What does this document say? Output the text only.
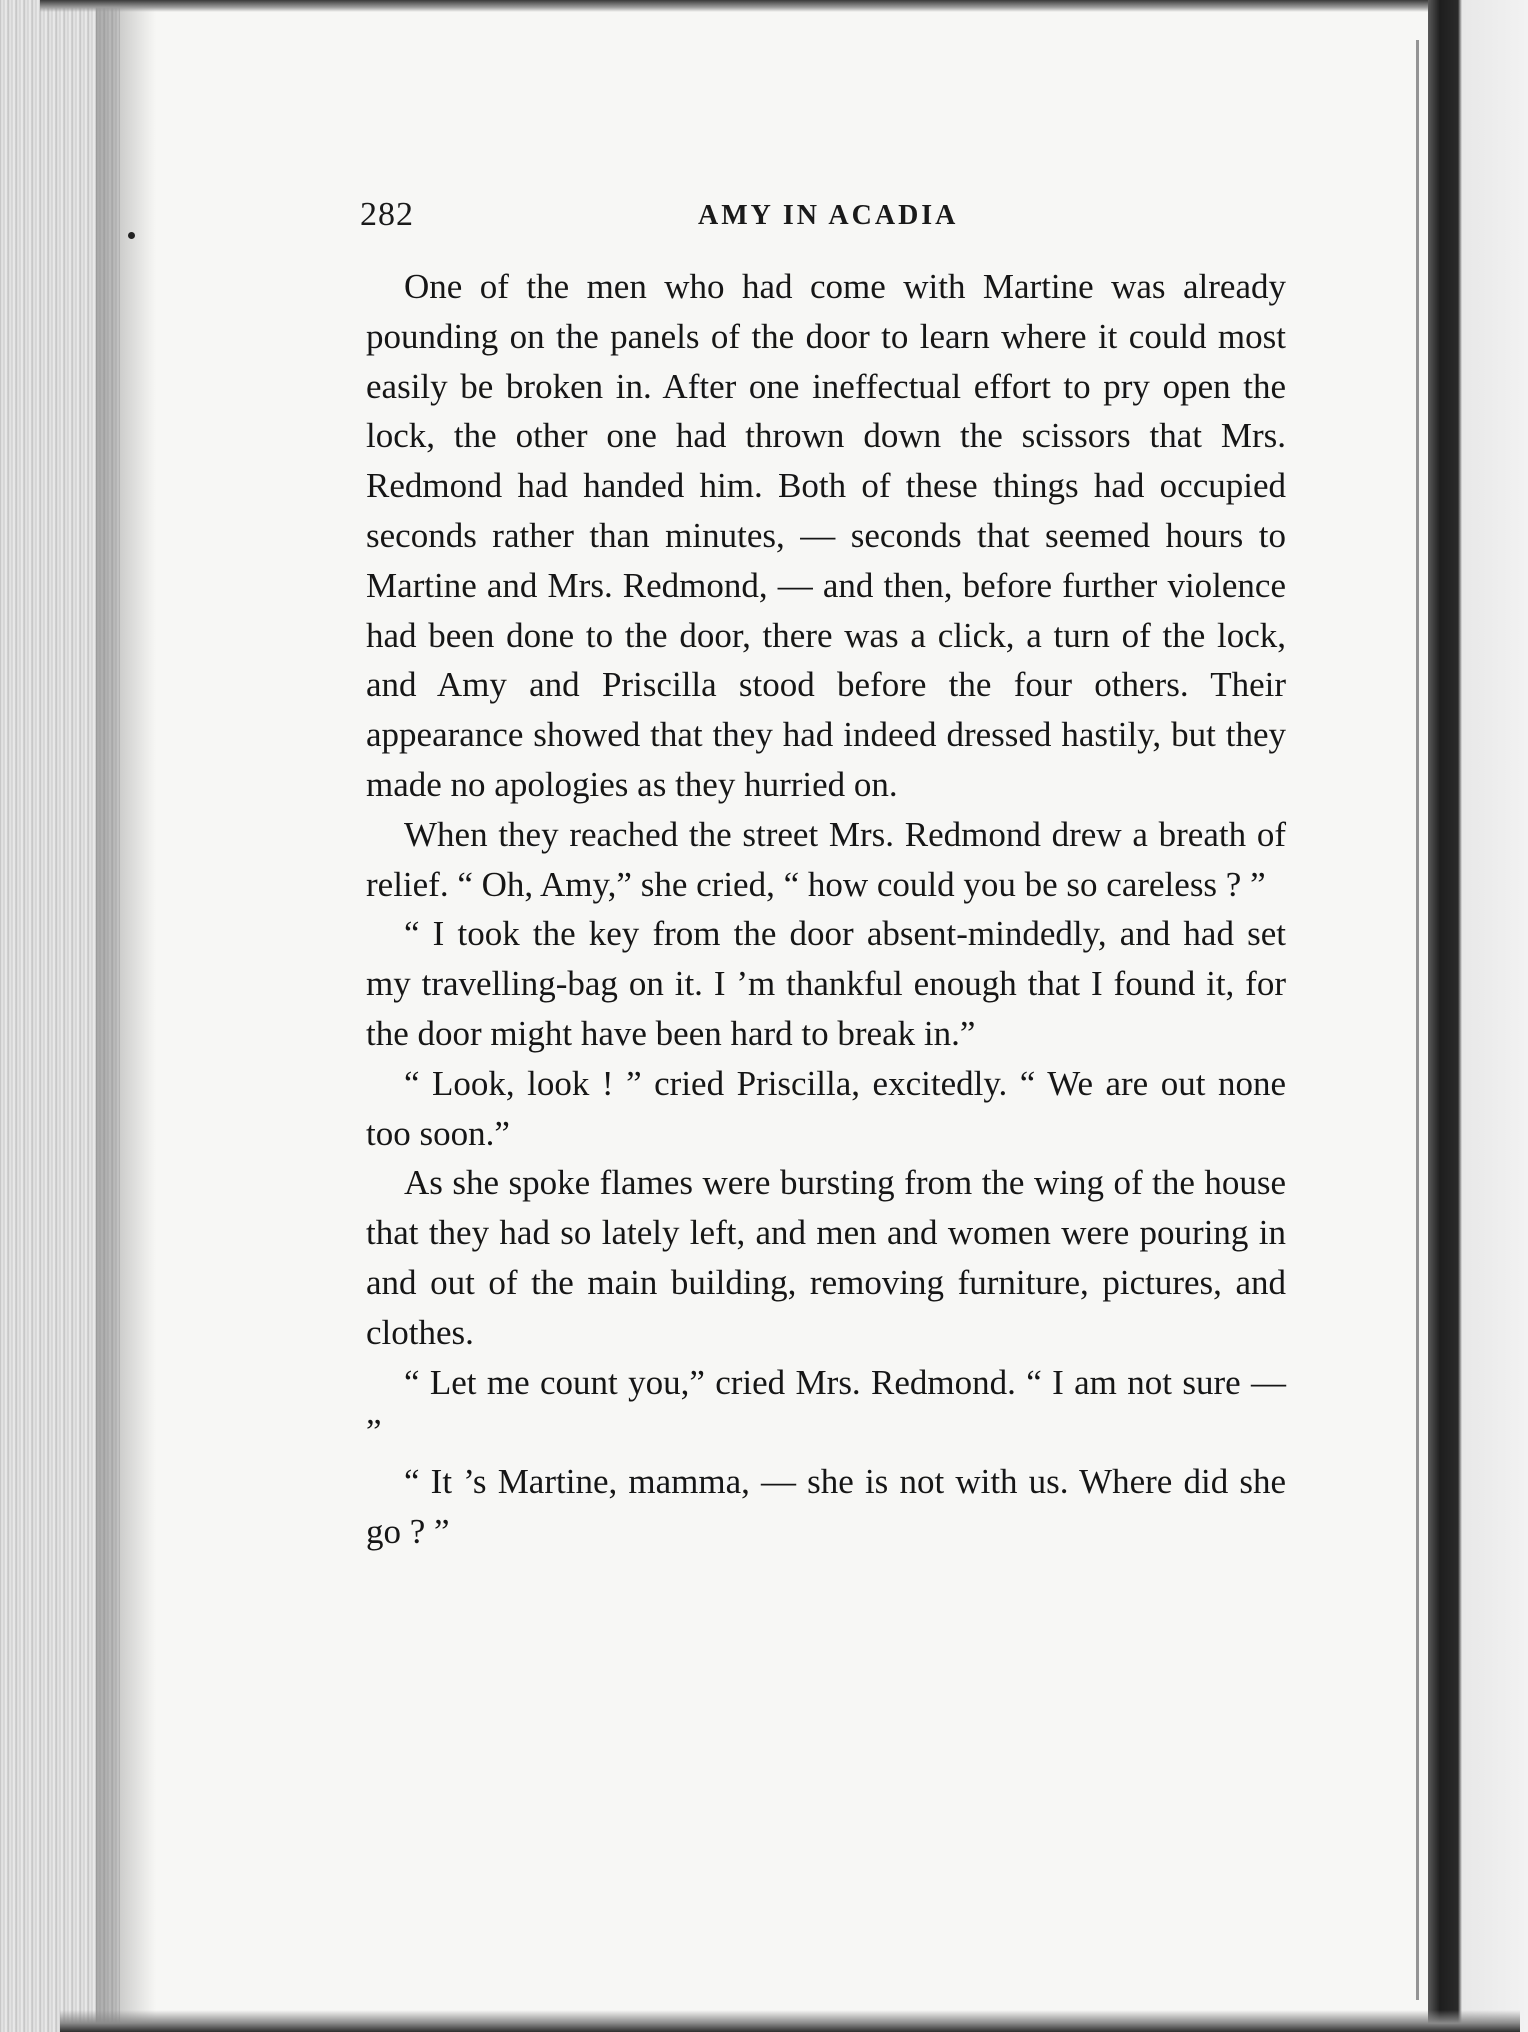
282	AMY IN ACADIA

One of the men who had come with Martine was already pounding on the panels of the door to learn where it could most easily be broken in. After one ineffectual effort to pry open the lock, the other one had thrown down the scissors that Mrs. Redmond had handed him. Both of these things had occupied seconds rather than minutes, — seconds that seemed hours to Martine and Mrs. Redmond, — and then, before further violence had been done to the door, there was a click, a turn of the lock, and Amy and Priscilla stood before the four others. Their appearance showed that they had indeed dressed hastily, but they made no apologies as they hurried on.

When they reached the street Mrs. Redmond drew a breath of relief. “ Oh, Amy,” she cried, “ how could you be so careless ? ”

“ I took the key from the door absent-mindedly, and had set my travelling-bag on it. I ’m thankful enough that I found it, for the door might have been hard to break in.”

“ Look, look ! ” cried Priscilla, excitedly. “ We are out none too soon.”

As she spoke flames were bursting from the wing of the house that they had so lately left, and men and women were pouring in and out of the main building, removing furniture, pictures, and clothes.

“ Let me count you,” cried Mrs. Redmond. “ I am not sure — ”

“ It ’s Martine, mamma, — she is not with us. Where did she go ? ”
